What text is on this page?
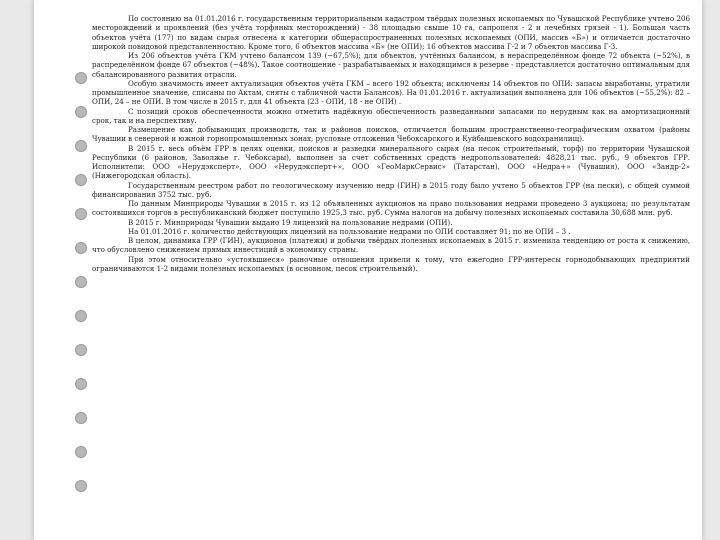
По состоянию на 01.01.2016 г. государственным территориальным кадастром твёрдых полезных ископаемых по Чувашской Республике учтено 206 месторождений и проявлений (без учёта торфяных месторождений) - 38 площадью свыше 10 га, сапропеля - 2 и лечебных грязей - 1). Большая часть объектов учёта (177) по видам сырья отнесена к категории общераспространенных полезных ископаемых (ОПИ, массив «Б») и отличается достаточно широкой повидовой представленностью. Кроме того, 6 объектов массива «Б» (не ОПИ); 16 объектов массива Г-2 и 7 объектов массива Г-3.

Из 206 объектов учёта ГКМ учтено балансом 139 (~67,5%); для объектов, учтённых балансом, в нераспределённом фонде 72 объекта (~52%), в распределённом фонде 67 объектов (~48%). Такое соотношение - разрабатываемых и находящимся в резерве - представляется достаточно оптимальным для сбалансированного развития отрасли.

Особую значимость имеет актуализация объектов учёта ГКМ – всего 192 объекта; исключены 14 объектов по ОПИ: запасы выработаны, утратили промышленное значение, списаны по Актам, сняты с табличной части Балансов). На 01.01.2016 г. актуализация выполнена для 106 объектов (~55,2%): 82 – ОПИ, 24 – не ОПИ. В том числе в 2015 г. для 41 объекта (23 - ОПИ, 18 - не ОПИ) .

С позиций сроков обеспеченности можно отметить надёжную обеспеченность разведанными запасами по нерудным как на амортизационный срок, так и на перспективу.

Размещение как добывающих производств, так и районов поисков, отличается большим пространственно-географическим охватом (районы Чувашии в северной и южной горнопромышленных зонах, русловые отложения Чебоксарского и Куйбышевского водохранилищ).

В 2015 г. весь объём ГРР в целях оценки, поисков и разведки минерального сырья (на песок строительный, торф) по территории Чувашской Республики (6 районов, Заволжье г. Чебоксары), выполнен за счет собственных средств недропользователей: 4828,21 тыс. руб., 9 объектов ГРР. Исполнители: ООО «Нерудэксперт», ООО «Нерудэксперт+», ООО «ГеоМаркСервис» (Татарстан), ООО «Недра+» (Чувашия), ООО «Зандр-2» (Нижегородская область).

Государственным реестром работ по геологическому изучению недр (ГИН) в 2015 году было учтено 5 объектов ГРР (на пески), с общей суммой финансирования 3752 тыс. руб.

По данным Минприроды Чувашии в 2015 г. из 12 объявленных аукционов на право пользования недрами проведено 3 аукциона; по результатам состоявшихся торгов в республиканский бюджет поступило 1925,3 тыс. руб. Сумма налогов на добычу полезных ископаемых составила 30,688 млн. руб.

В 2015 г. Минприроды Чувашии выдано 19 лицензий на пользование недрами (ОПИ).

На 01.01.2016 г. количество действующих лицензий на пользование недрами по ОПИ составляет 91; по не ОПИ – 3 .

В целом, динамика ГРР (ГИН), аукционов (платежи) и добычи твёрдых полезных ископаемых в 2015 г. изменила тенденцию от роста к снижению, что обусловлено снижением прямых инвестиций в экономику страны.

При этом относительно «устоявшиеся» рыночные отношения привели к тому, что ежегодно ГРР-интересы горнодобывающих предприятий ограничиваются 1-2 видами полезных ископаемых (в основном, песок строительный).
